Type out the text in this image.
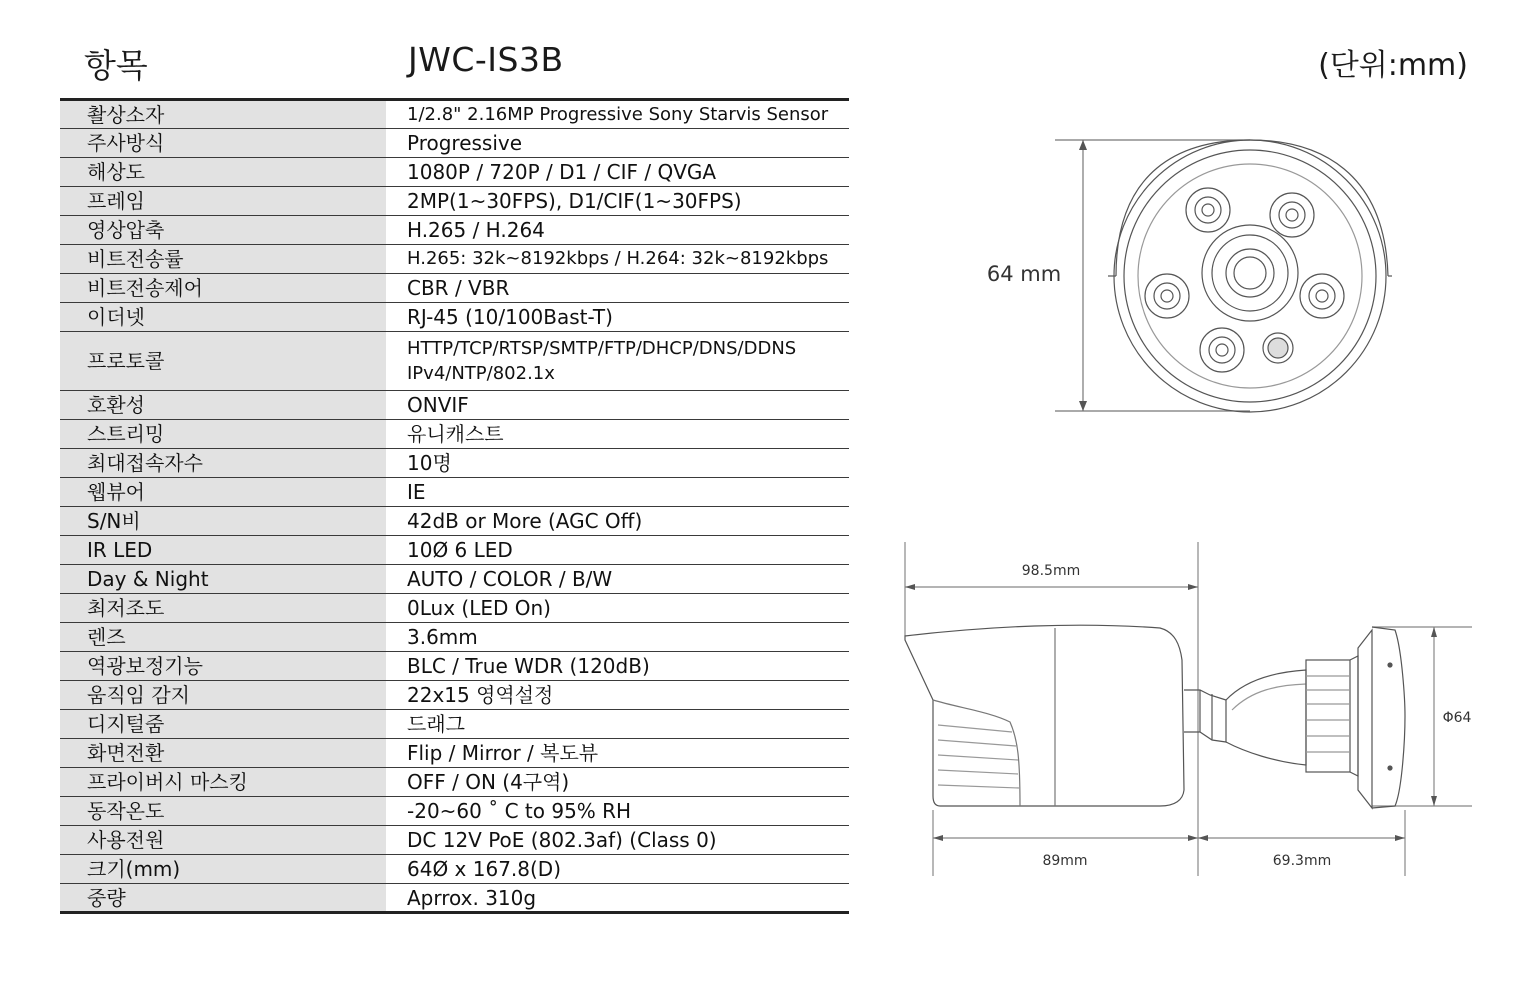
항목	JWC-IS3B	(단위:mm)
촬상소자	1/2.8" 2.16MP Progressive Sony Starvis Sensor
주사방식	Progressive
해상도	1080P / 720P / D1 / CIF / QVGA
프레임	2MP(1~30FPS), D1/CIF(1~30FPS)
영상압축	H.265 / H.264
비트전송률	H.265: 32k~8192kbps / H.264: 32k~8192kbps
비트전송제어	CBR / VBR
이더넷	RJ-45 (10/100Bast-T)
프로토콜	HTTP/TCP/RTSP/SMTP/FTP/DHCP/DNS/DDNS
IPv4/NTP/802.1x
호환성	ONVIF
스트리밍	유니캐스트
최대접속자수	10명
웹뷰어	IE
S/N비	42dB or More (AGC Off)
IR LED	10Ø 6 LED
Day & Night	AUTO / COLOR / B/W
최저조도	0Lux (LED On)
렌즈	3.6mm
역광보정기능	BLC / True WDR (120dB)
움직임 감지	22x15 영역설정
디지털줌	드래그
화면전환	Flip / Mirror / 복도뷰
프라이버시 마스킹	OFF / ON (4구역)
동작온도	-20~60 ˚ C to 95% RH
사용전원	DC 12V PoE (802.3af) (Class 0)
크기(mm)	64Ø x 167.8(D)
중량	Aprrox. 310g
64 mm
98.5mm
89mm	69.3mm
Φ64
